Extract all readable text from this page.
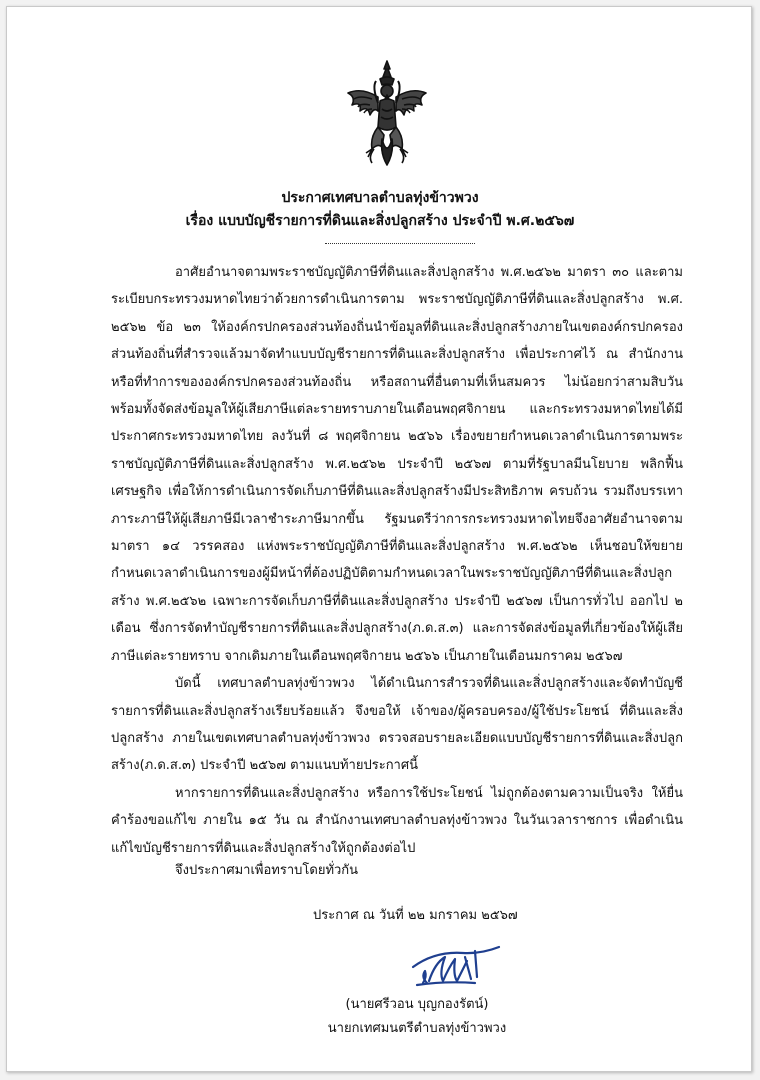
ประกาศเทศบาลตำบลทุ่งข้าวพวง
เรื่อง แบบบัญชีรายการที่ดินและสิ่งปลูกสร้าง ประจำปี พ.ศ.๒๕๖๗

อาศัยอำนาจตามพระราชบัญญัติภาษีที่ดินและสิ่งปลูกสร้าง พ.ศ.๒๕๖๒ มาตรา ๓๐ และตามระเบียบกระทรวงมหาดไทยว่าด้วยการดำเนินการตาม พระราชบัญญัติภาษีที่ดินและสิ่งปลูกสร้าง พ.ศ. ๒๕๖๒ ข้อ ๒๓ ให้องค์กรปกครองส่วนท้องถิ่นนำข้อมูลที่ดินและสิ่งปลูกสร้างภายในเขตองค์กรปกครองส่วนท้องถิ่นที่สำรวจแล้วมาจัดทำแบบบัญชีรายการที่ดินและสิ่งปลูกสร้าง เพื่อประกาศไว้ ณ สำนักงานหรือที่ทำการขององค์กรปกครองส่วนท้องถิ่น หรือสถานที่อื่นตามที่เห็นสมควร ไม่น้อยกว่าสามสิบวันพร้อมทั้งจัดส่งข้อมูลให้ผู้เสียภาษีแต่ละรายทราบภายในเดือนพฤศจิกายน และกระทรวงมหาดไทยได้มีประกาศกระทรวงมหาดไทย ลงวันที่ ๘ พฤศจิกายน ๒๕๖๖ เรื่องขยายกำหนดเวลาดำเนินการตามพระราชบัญญัติภาษีที่ดินและสิ่งปลูกสร้าง พ.ศ.๒๕๖๒ ประจำปี ๒๕๖๗ ตามที่รัฐบาลมีนโยบาย พลิกฟื้นเศรษฐกิจ เพื่อให้การดำเนินการจัดเก็บภาษีที่ดินและสิ่งปลูกสร้างมีประสิทธิภาพ ครบถ้วน รวมถึงบรรเทาภาระภาษีให้ผู้เสียภาษีมีเวลาชำระภาษีมากขึ้น รัฐมนตรีว่าการกระทรวงมหาดไทยจึงอาศัยอำนาจตามมาตรา ๑๔ วรรคสอง แห่งพระราชบัญญัติภาษีที่ดินและสิ่งปลูกสร้าง พ.ศ.๒๕๖๒ เห็นชอบให้ขยายกำหนดเวลาดำเนินการของผู้มีหน้าที่ต้องปฏิบัติตามกำหนดเวลาในพระราชบัญญัติภาษีที่ดินและสิ่งปลูกสร้าง พ.ศ.๒๕๖๒ เฉพาะการจัดเก็บภาษีที่ดินและสิ่งปลูกสร้าง ประจำปี ๒๕๖๗ เป็นการทั่วไป ออกไป ๒ เดือน ซึ่งการจัดทำบัญชีรายการที่ดินและสิ่งปลูกสร้าง(ภ.ด.ส.๓) และการจัดส่งข้อมูลที่เกี่ยวข้องให้ผู้เสียภาษีแต่ละรายทราบ จากเดิมภายในเดือนพฤศจิกายน ๒๕๖๖ เป็นภายในเดือนมกราคม ๒๕๖๗

บัดนี้ เทศบาลตำบลทุ่งข้าวพวง ได้ดำเนินการสำรวจที่ดินและสิ่งปลูกสร้างและจัดทำบัญชีรายการที่ดินและสิ่งปลูกสร้างเรียบร้อยแล้ว จึงขอให้ เจ้าของ/ผู้ครอบครอง/ผู้ใช้ประโยชน์ ที่ดินและสิ่งปลูกสร้าง ภายในเขตเทศบาลตำบลทุ่งข้าวพวง ตรวจสอบรายละเอียดแบบบัญชีรายการที่ดินและสิ่งปลูกสร้าง(ภ.ด.ส.๓) ประจำปี ๒๕๖๗ ตามแนบท้ายประกาศนี้

หากรายการที่ดินและสิ่งปลูกสร้าง หรือการใช้ประโยชน์ ไม่ถูกต้องตามความเป็นจริง ให้ยื่นคำร้องขอแก้ไข ภายใน ๑๕ วัน ณ สำนักงานเทศบาลตำบลทุ่งข้าวพวง ในวันเวลาราชการ เพื่อดำเนินแก้ไขบัญชีรายการที่ดินและสิ่งปลูกสร้างให้ถูกต้องต่อไป

จึงประกาศมาเพื่อทราบโดยทั่วกัน
ประกาศ ณ วันที่ ๒๒ มกราคม ๒๕๖๗
(นายศรีวอน บุญกองรัตน์)
นายกเทศมนตรีตำบลทุ่งข้าวพวง
